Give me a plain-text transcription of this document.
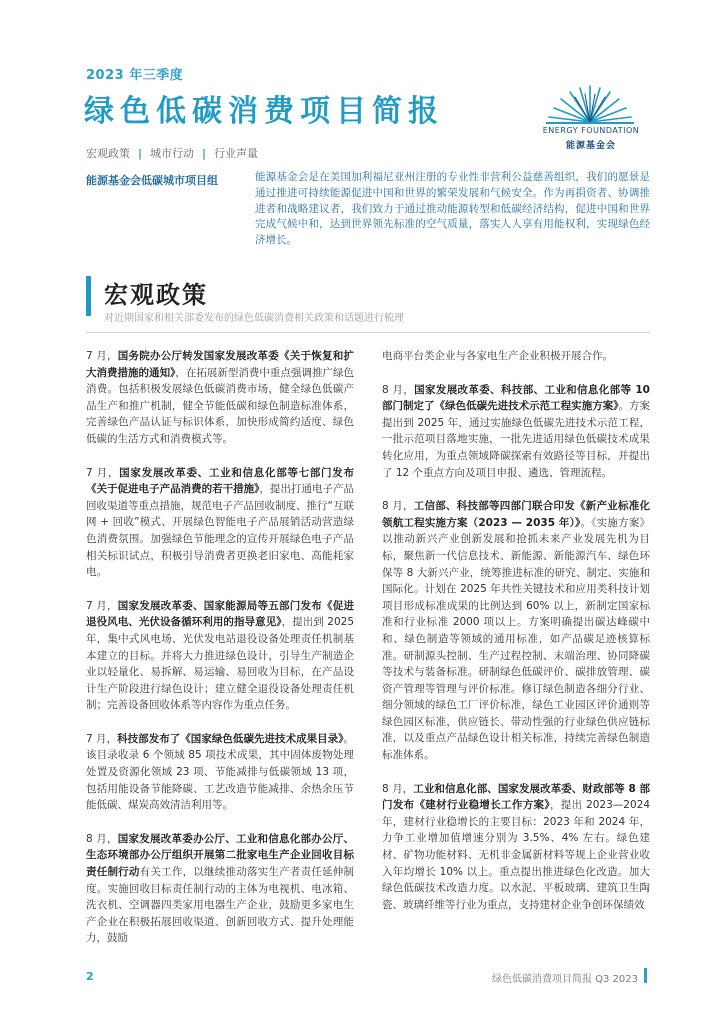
2023 年三季度
绿色低碳消费项目简报
ENERGY FOUNDATION
能源基金会
宏观政策 | 城市行动 | 行业声量
能源基金会低碳城市项目组	能源基金会是在美国加利福尼亚州注册的专业性非营利公益慈善组织，我们的愿景是通过推进可持续能源促进中国和世界的繁荣发展和气候安全。作为再捐资者、协调推进者和战略建议者，我们致力于通过推动能源转型和低碳经济结构，促进中国和世界完成气候中和，达到世界领先标准的空气质量，落实人人享有用能权利，实现绿色经济增长。
宏观政策
对近期国家和相关部委发布的绿色低碳消费相关政策和话题进行梳理

7 月，国务院办公厅转发国家发展改革委《关于恢复和扩大消费措施的通知》，在拓展新型消费中重点强调推广绿色消费。包括积极发展绿色低碳消费市场，健全绿色低碳产品生产和推广机制，健全节能低碳和绿色制造标准体系，完善绿色产品认证与标识体系，加快形成简约适度、绿色低碳的生活方式和消费模式等。

7 月，国家发展改革委、工业和信息化部等七部门发布《关于促进电子产品消费的若干措施》，提出打通电子产品回收渠道等重点措施，规范电子产品回收制度、推行“互联网 + 回收”模式、开展绿色智能电子产品展销活动营造绿色消费氛围。加强绿色节能理念的宣传开展绿色电子产品相关标识试点，积极引导消费者更换老旧家电、高能耗家电。

7 月，国家发展改革委、国家能源局等五部门发布《促进退役风电、光伏设备循环利用的指导意见》，提出到 2025 年，集中式风电场、光伏发电站退役设备处理责任机制基本建立的目标。并将大力推进绿色设计，引导生产制造企业以轻量化、易拆解、易运输、易回收为目标，在产品设计生产阶段进行绿色设计；建立健全退役设备处理责任机制；完善设备回收体系等内容作为重点任务。

7 月，科技部发布了《国家绿色低碳先进技术成果目录》。该目录收录 6 个领域 85 项技术成果，其中固体废物处理处置及资源化领域 23 项、节能减排与低碳领域 13 项，包括用能设备节能降碳、工艺改造节能减排、余热余压节能低碳、煤炭高效清洁利用等。

8 月，国家发展改革委办公厅、工业和信息化部办公厅、生态环境部办公厅组织开展第二批家电生产企业回收目标责任制行动有关工作，以继续推动落实生产者责任延伸制度。实施回收目标责任制行动的主体为电视机、电冰箱、洗衣机、空调器四类家用电器生产企业，鼓励更多家电生产企业在积极拓展回收渠道、创新回收方式、提升处理能力，鼓励

电商平台类企业与各家电生产企业积极开展合作。

8 月，国家发展改革委、科技部、工业和信息化部等 10 部门制定了《绿色低碳先进技术示范工程实施方案》。方案提出到 2025 年，通过实施绿色低碳先进技术示范工程，一批示范项目落地实施，一批先进适用绿色低碳技术成果转化应用，为重点领域降碳探索有效路径等目标，并提出了 12 个重点方向及项目申报、遴选、管理流程。

8 月，工信部、科技部等四部门联合印发《新产业标准化领航工程实施方案（2023 — 2035 年）》。《实施方案》以推动新兴产业创新发展和抢抓未来产业发展先机为目标，聚焦新一代信息技术、新能源、新能源汽车、绿色环保等 8 大新兴产业，统筹推进标准的研究、制定、实施和国际化。计划在 2025 年共性关键技术和应用类科技计划项目形成标准成果的比例达到 60% 以上，新制定国家标准和行业标准 2000 项以上。方案明确提出碳达峰碳中和、绿色制造等领域的通用标准，如产品碳足迹核算标准。研制源头控制、生产过程控制、末端治理、协同降碳等技术与装备标准。研制绿色低碳评价、碳排放管理、碳资产管理等管理与评价标准。修订绿色制造各细分行业、细分领域的绿色工厂评价标准，绿色工业园区评价通则等绿色园区标准，供应链长、带动性强的行业绿色供应链标准，以及重点产品绿色设计相关标准，持续完善绿色制造标准体系。

8 月，工业和信息化部、国家发展改革委、财政部等 8 部门发布《建材行业稳增长工作方案》，提出 2023—2024 年，建材行业稳增长的主要目标：2023 年和 2024 年，力争工业增加值增速分别为 3.5%、4% 左右。绿色建材、矿物功能材料、无机非金属新材料等规上企业营业收入年均增长 10% 以上。重点提出推进绿色化改造。加大绿色低碳技术改造力度。以水泥、平板玻璃、建筑卫生陶瓷、玻璃纤维等行业为重点，支持建材企业争创环保绩效

2	绿色低碳消费项目简报 Q3 2023
